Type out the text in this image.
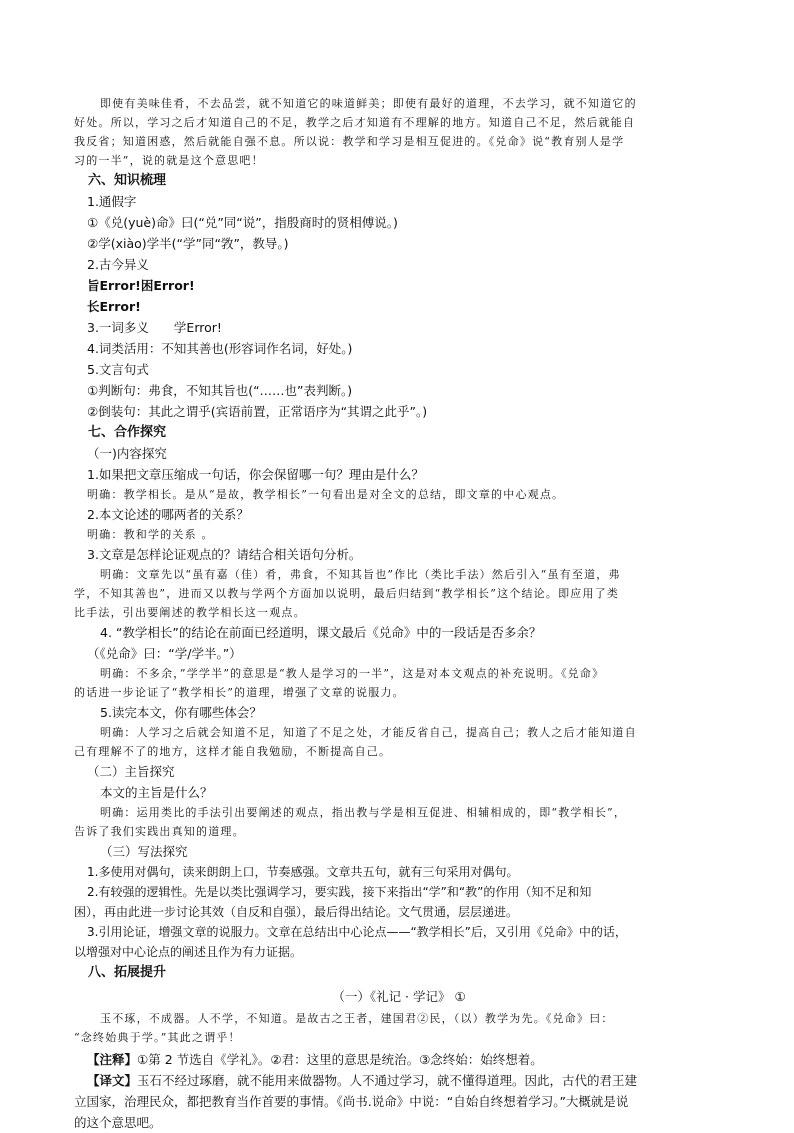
即使有美味佳肴，不去品尝，就不知道它的味道鲜美；即使有最好的道理，不去学习，就不知道它的

好处。所以，学习之后才知道自己的不足，教学之后才知道有不理解的地方。知道自己不足，然后就能自

我反省；知道困惑，然后就能自强不息。所以说：教学和学习是相互促进的。《兑命》说“教育别人是学

习的一半”，说的就是这个意思吧！

六、知识梳理

1.通假字

①《兑(yuè)命》曰(“兑”同“说”，指殷商时的贤相傅说。)

②学(xiào)学半(“学”同“敩”，教导。)

2.古今异义

旨Error!困Error!

长Error!

3.一词多义　　学Error!

4.词类活用：不知其善也(形容词作名词，好处。)

5.文言句式

①判断句：弗食，不知其旨也(“……也”表判断。)

②倒装句：其此之谓乎(宾语前置，正常语序为“其谓之此乎”。)

七、合作探究

（一)内容探究

1.如果把文章压缩成一句话，你会保留哪一句？理由是什么？

明确：教学相长。是从“是故，教学相长”一句看出是对全文的总结，即文章的中心观点。

2.本文论述的哪两者的关系？

明确：教和学的关系 。

3.文章是怎样论证观点的？请结合相关语句分析。

明确：文章先以“虽有嘉（佳）肴，弗食，不知其旨也”作比（类比手法）然后引入“虽有至道，弗

学，不知其善也”，进而又以教与学两个方面加以说明，最后归结到“教学相长”这个结论。即应用了类

比手法，引出要阐述的教学相长这一观点。

4. “教学相长”的结论在前面已经道明，课文最后《兑命》中的一段话是否多余？

（《兑命》曰：“学/学半。”）

明确：不多余，”学学半”的意思是“教人是学习的一半”，这是对本文观点的补充说明。《兑命》

的话进一步论证了“教学相长”的道理，增强了文章的说服力。

5.读完本文，你有哪些体会？

明确：人学习之后就会知道不足，知道了不足之处，才能反省自己，提高自己；教人之后才能知道自

己有理解不了的地方，这样才能自我勉励，不断提高自己。

（二）主旨探究

本文的主旨是什么？

明确：运用类比的手法引出要阐述的观点，指出教与学是相互促进、相辅相成的，即“教学相长”，

告诉了我们实践出真知的道理。

（三）写法探究

1.多使用对偶句，读来朗朗上口，节奏感强。文章共五句，就有三句采用对偶句。

2.有较强的逻辑性。先是以类比强调学习，要实践，接下来指出“学”和“教”的作用（知不足和知

困），再由此进一步讨论其效（自反和自强），最后得出结论。文气贯通，层层递进。

3.引用论证，增强文章的说服力。文章在总结出中心论点——“教学相长”后，又引用《兑命》中的话，

以增强对中心论点的阐述且作为有力证据。

八、拓展提升

（一）《礼记 · 学记》 ①

玉不琢，不成器。人不学，不知道。是故古之王者，建国君②民，（以）教学为先。《兑命》曰：

“念终始典于学。”其此之谓乎！

【注释】①第 2 节选自《学礼》。②君：这里的意思是统治。③念终始：始终想着。

【译文】玉石不经过琢磨，就不能用来做器物。人不通过学习，就不懂得道理。因此，古代的君王建

立国家，治理民众，都把教育当作首要的事情。《尚书.说命》中说：“自始自终想着学习。”大概就是说

的这个意思吧。
